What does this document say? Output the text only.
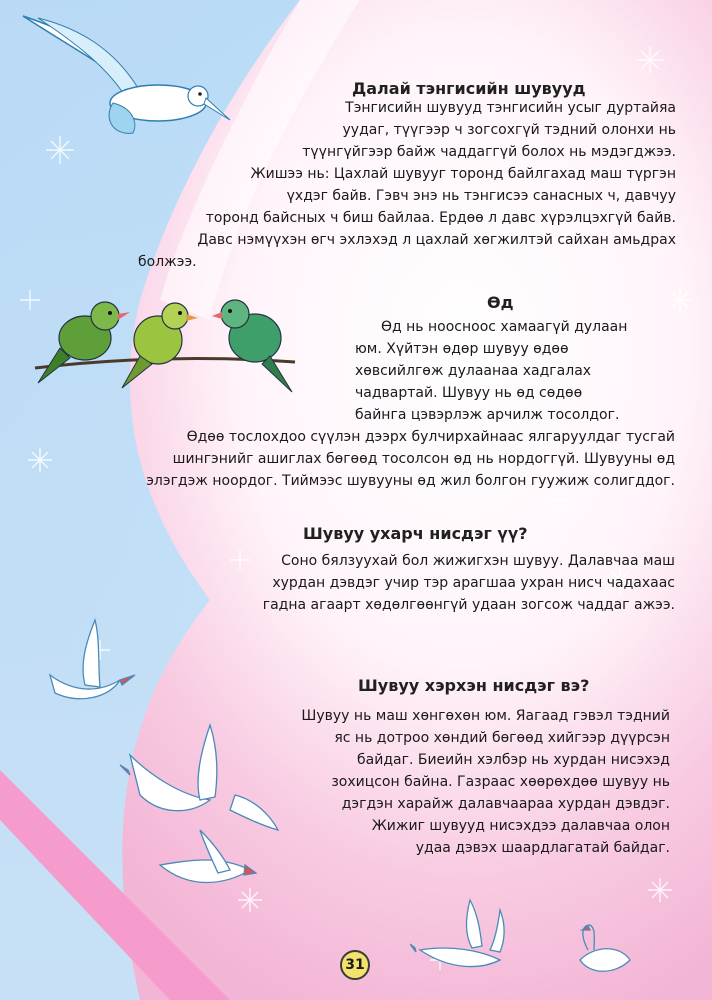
Далай тэнгисийн шувууд
Тэнгисийн шувууд тэнгисийн усыг дуртайяа
уудаг, түүгээр ч зогсохгүй тэдний олонхи нь
түүнгүйгээр байж чаддаггүй болох нь мэдэгджээ.
Жишээ нь: Цахлай шувууг торонд байлгахад маш түргэн
үхдэг байв. Гэвч энэ нь тэнгисээ санасных ч, давчуу
торонд байсных ч биш байлаа. Ердөө л давс хүрэлцэхгүй байв.
Давс нэмүүхэн өгч эхлэхэд л цахлай хөгжилтэй сайхан амьдрах
болжээ.
Өд
Өд нь нооснoос хамаагүй дулаан
юм. Хүйтэн өдөр шувуу өдөө
хөвсийлгөж дулаанаа хадгалах
чадвартай. Шувуу нь өд сөдөө
байнга цэвэрлэж арчилж тосолдог.
Өдөө тослохдоо сүүлэн дээрх булчирхайнаас ялгаруулдаг тусгай
шингэнийг ашиглах бөгөөд тосолсон өд нь нордоггүй. Шувууны өд
элэгдэж нoордог. Тиймээс шувууны өд жил болгон гуужиж солигддог.
Шувуу ухарч нисдэг үү?
Соно бялзуухай бол жижигхэн шувуу. Далавчаа маш
хурдан дэвдэг учир тэр арагшаа ухран нисч чадахаас
гадна агаарт хөдөлгөөнгүй удаан зогсож чаддаг ажээ.
Шувуу хэрхэн нисдэг вэ?
Шувуу нь маш хөнгөхөн юм. Яагаад гэвэл тэдний
яс нь дотроо хөндий бөгөөд хийгээр дүүрсэн
байдаг. Биеийн хэлбэр нь хурдан нисэхэд
зохицсон байна. Газраас хөөрөхдөө шувуу нь
дэгдэн харайж далавчаараа хурдан дэвдэг.
Жижиг шувууд нисэхдээ далавчаа олон
удаа дэвэх шаардлагатай байдаг.
31
